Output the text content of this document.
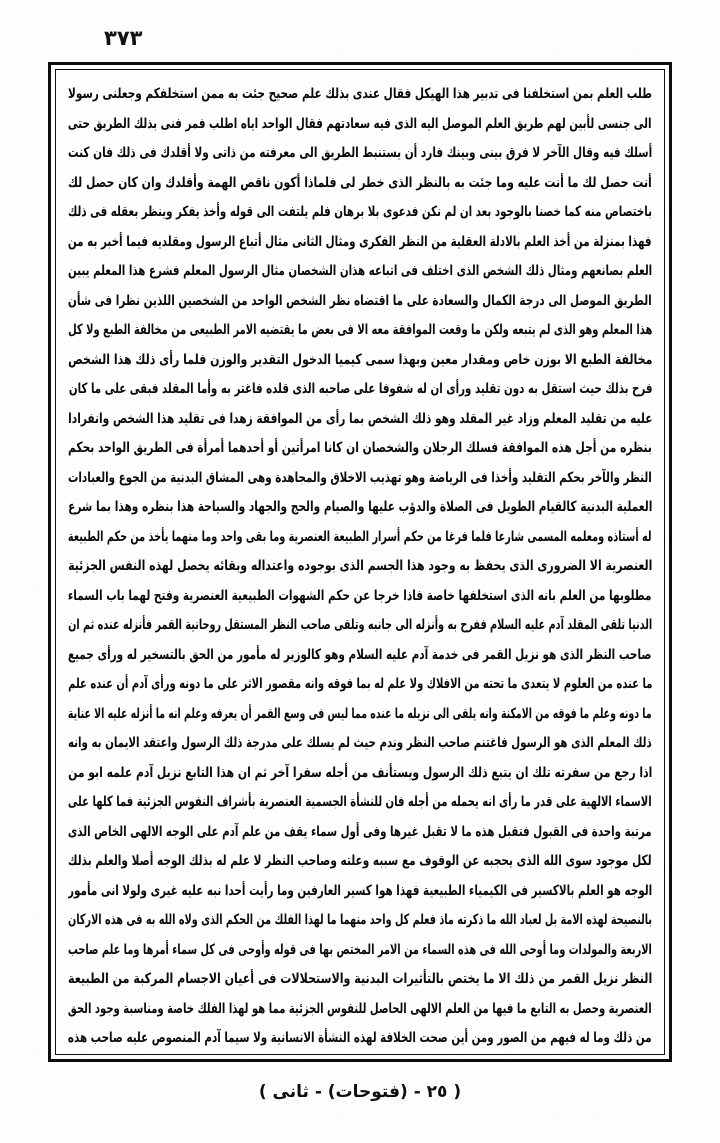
٣٧٣
طلب العلم بمن استخلفنا فى تدبير هذا الهيكل فقال عندى بذلك علم صحيح جئت به ممن استخلفكم وجعلنى رسولا
الى جنسى لأبين لهم طريق العلم الموصل اليه الذى فيه سعادتهم فقال الواحد اياه اطلب فمر فنى بذلك الطريق حتى
أسلك فيه وقال الآخر لا فرق بينى وبينك فارد أن يستنبط الطريق الى معرفته من ذاتى ولا أقلدك فى ذلك فان كنت
أنت حصل لك ما أنت عليه وما جئت به بالنظر الذى خطر لى فلماذا أكون ناقص الهمة وأقلدك وان كان حصل لك
باختصاص منه كما خصنا بالوجود بعد ان لم نكن فدعوى بلا برهان فلم يلتفت الى قوله وأخذ يفكر وينظر بعقله فى ذلك
فهذا بمنزلة من أخذ العلم بالادلة العقلية من النظر الفكرى ومثال الثانى مثال أتباع الرسول ومقلديه فيما أخبر به من
العلم بصانعهم ومثال ذلك الشخص الذى اختلف فى اتباعه هذان الشخصان مثال الرسول المعلم فشرع هذا المعلم يبين
الطريق الموصل الى درجة الكمال والسعادة على ما اقتضاه نظر الشخص الواحد من الشخصين اللذين نظرا فى شأن
هذا المعلم وهو الذى لم يتبعه ولكن ما وقعت الموافقة معه الا فى بعض ما يقتضيه الامر الطبيعى من مخالفة الطبع ولا كل
مخالفة الطبع الا بوزن خاص ومقدار معين وبهذا سمى كيميا الدخول التقدير والوزن فلما رأى ذلك هذا الشخص
فرح بذلك حيث استقل به دون تقليد ورأى ان له شفوفا على صاحبه الذى قلده فاغتر به وأما المقلد فبقى على ما كان
عليه من تقليد المعلم وزاد غير المقلد وهو ذلك الشخص بما رأى من الموافقة زهدا فى تقليد هذا الشخص وانفرادا
بنظره من أجل هذه الموافقة فسلك الرجلان والشخصان ان كانا امرأتين أو أحدهما أمرأة فى الطريق الواحد بحكم
النظر والآخر بحكم التقليد وأخذا فى الرياضة وهو تهذيب الاخلاق والمجاهدة وهى المشاق البدنية من الجوع والعبادات
العملية البدنية كالقيام الطويل فى الصلاة والدؤب عليها والصيام والحج والجهاد والسياحة هذا بنظره وهذا بما شرع
له أستاذه ومعلمه المسمى شارعا فلما فرغا من حكم أسرار الطبيعة العنصرية وما بقى واحد وما منهما يأخذ من حكم الطبيعة
العنصرية الا الضرورى الذى يحفظ به وجود هذا الجسم الذى بوجوده واعتداله وبقائه يحصل لهذه النفس الجزئية
مطلوبها من العلم بانه الذى استخلفها خاصة فاذا خرجا عن حكم الشهوات الطبيعية العنصرية وفتح لهما باب السماء
الدنيا تلقى المقلد آدم عليه السلام ففرح به وأنزله الى جانبه وتلقى صاحب النظر المستقل روحانية القمر فأنزله عنده ثم ان
صاحب النظر الذى هو نزيل القمر فى خدمة آدم عليه السلام وهو كالوزير له مأمور من الحق بالتسخير له ورأى جميع
ما عنده من العلوم لا يتعدى ما تحته من الافلاك ولا علم له بما فوقه وانه مقصور الاثر على ما دونه ورأى آدم أن عنده علم
ما دونه وعلم ما فوقه من الامكنة وانه يلقى الى نزيله ما عنده مما ليس فى وسع القمر أن يعرفه وعلم انه ما أنزله عليه الا عناية
ذلك المعلم الذى هو الرسول فاغتنم صاحب النظر وندم حيث لم يسلك على مدرجة ذلك الرسول واعتقد الايمان به وانه
اذا رجع من سفرته تلك ان يتبع ذلك الرسول ويستأنف من أجله سفرا آخر ثم ان هذا التابع نزيل آدم علمه ابو من
الاسماء الالهية على قدر ما رأى انه يحمله من أجله فان للنشأة الجسمية العنصرية بأشراف النفوس الجزئية فما كلها على
مرتبة واحدة فى القبول فتقبل هذه ما لا تقبل غيرها وفى أول سماء يقف من علم آدم على الوجه الالهى الخاص الذى
لكل موجود سوى الله الذى يحجبه عن الوقوف مع سببه وعلته وصاحب النظر لا علم له بذلك الوجه أصلا والعلم بذلك
الوجه هو العلم بالاكسير فى الكيمياء الطبيعية فهذا هوا كسير العارفين وما رأيت أحدا نبه عليه غيرى ولولا انى مأمور
بالنصيحة لهذه الامة بل لعباد الله ما ذكرته ماذ فعلم كل واحد منهما ما لهذا الفلك من الحكم الذى ولاه الله به فى هذه الاركان
الاربعة والمولدات وما أوحى الله فى هذه السماء من الامر المختص بها فى قوله وأوحى فى كل سماء أمرها وما علم صاحب
النظر نزيل القمر من ذلك الا ما يختص بالتأثيرات البدنية والاستحلالات فى أعيان الاجسام المركبة من الطبيعة
العنصرية وحصل به التابع ما فيها من العلم الالهى الحاصل للنفوس الجزئية مما هو لهذا الفلك خاصة ومناسبة وجود الحق
من ذلك وما له فيهم من الصور ومن أين صحت الخلافة لهذه النشأة الانسانية ولا سيما آدم المنصوص عليه صاحب هذه
( ٢٥ - (فتوحات) - ثانى )
